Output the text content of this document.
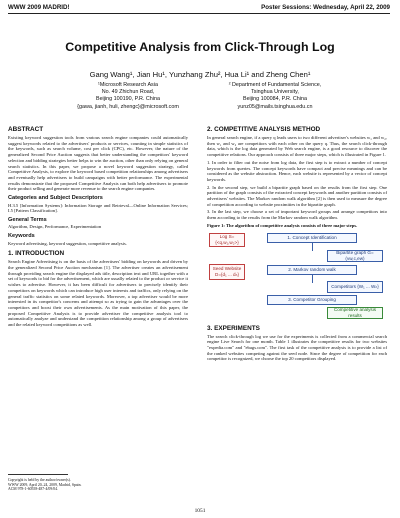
WWW 2009 MADRID!	Poster Sessions: Wednesday, April 22, 2009
Competitive Analysis from Click-Through Log
Gang Wang¹, Jian Hu¹, Yunzhang Zhu², Hua Li¹ and Zheng Chen¹
¹Microsoft Research Asia
No. 49 Zhichun Road,
Beijing 100190, P.R. China
{gawa, jianh, huli, zhengc}@microsoft.com
² Department of Fundamental Science,
Tsinghua University,
Beijing 100084, P.R. China
yunz05@mails.tsinghua.edu.cn
ABSTRACT
Existing keyword suggestion tools from various search engine companies could automatically suggest keywords related to the advertisers' products or services, counting in simple statistics of the keywords, such as search volume, cost per click (CPC), etc. However, the nature of the generalized Second Price Auction suggests that better understanding the competitors' keyword selection and bidding strategies better helps to win the auction, other than only relying on general search statistics. In this paper, we propose a novel keyword suggestion strategy, called Competitive Analysis, to explore the keyword based competition relationships among advertisers and eventually help advertisers to build campaigns with better performance. The experimental results demonstrate that the proposed Competitive Analysis can both help advertisers to promote their product selling and generate more revenue to the search engine companies.
Categories and Subject Descriptors
H.3.5 [Information Systems]: Information Storage and Retrieval—Online Information Services; I.5 [Pattern Classification].
General Terms
Algorithm, Design, Performance, Experimentation
Keywords
Keyword advertising, keyword suggestion, competitive analysis.
1. INTRODUCTION
Search Engine Advertising is on the basis of the advertisers' bidding on keywords and driven by the generalized Second Price Auction mechanism [1]. The advertiser creates an advertisement through providing search engine the displayed ads title, description text and URL together with a set of keywords to bid for the advertisement, which are usually related to the product or service it wishes to advertise. However, it has been difficult for advertisers to precisely identify their competitors on keywords which can introduce high user interests and traffics, only relying on the general traffic statistics on some related keywords. Moreover, a top advertiser would be more interested in its competitor's concerns and attempt so as trying to gain the advantages over the competitors and boost their own advertisements. As the main motivation of this paper, the proposed Competitive Analysis is to provide advertiser the competitive analysis tool to automatically analyze and understand the competition relationship among a group of advertisers and the related keyword competitions as well.
2. COMPETITIVE ANALYSIS METHOD
In general search engine, if a query q leads users to two different advertiser's websites w₁ and w₂, then w₁ and w₂ are competitors with each other on the query q. Thus, the search click-through data, which is the log data generated by Web search engine, is a good resource to discover the competitive relations. Our approach consists of three major steps, which is illustrated in Figure 1.
1. In order to filter out the noise from log data, the first step is to extract a number of concept keywords from queries. The concept keywords have compact and precise meanings and can be considered as the website abstraction. Hence, each website is represented by a vector of concept keywords.
2. In the second step, we build a bipartite graph based on the results from the first step. One partition of the graph consists of the extracted concept keywords and another partition consists of advertisers' websites. The Markov random walk algorithm [2] is then used to measure the degree of competition according to website proximities in the bipartite graph.
3. In the last step, we choose a set of important keyword groups and arrange competitors into them according to the results from the Markov random walk algorithm.
Figure 1: The algorithm of competitive analysis consists of three major steps.
Log S={<q,w₁,w₂>}
1. Concept Identification
Bipartite graph G=(vw,c,ew)
Seed Website D={d₁ ... dₙ}
2. Markov random walk
Competitors {W₁ ... Wₙ}
3. Competitor Grouping
Competitive analysis results
3. EXPERIMENTS
The search click-through log we use for the experiments is collected from a commercial search engine Live Search for one month. Table 1 illustrates the competitive results for two websites "expedia.com" and "ebags.com". The first task of the competitive analysis is to provide a list of the ranked websites competing against the seed node. Since the degree of competition for each competitor is recognized, we choose the top 20 competitors displayed.
Copyright is held by the author/owner(s).
WWW 2009, April 20–24, 2009, Madrid, Spain.
ACM 978-1-60558-487-4/09/04.
1051
